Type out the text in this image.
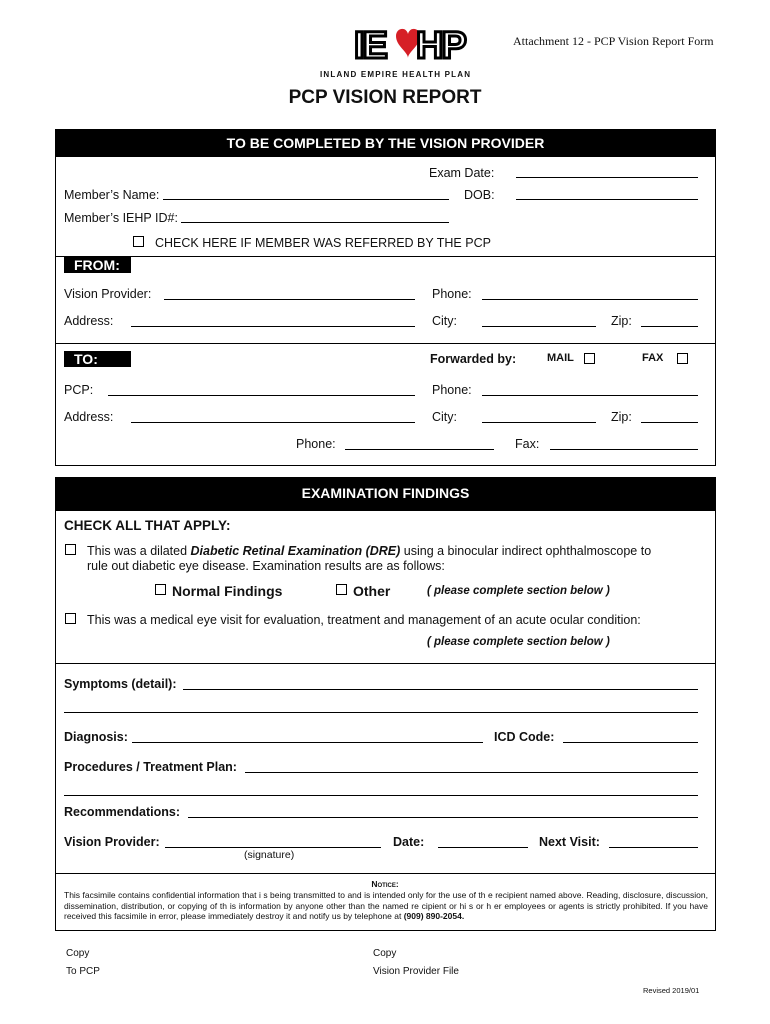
IE HP
INLAND EMPIRE HEALTH PLAN
Attachment 12 - PCP Vision Report Form
PCP VISION REPORT
TO BE COMPLETED BY THE VISION PROVIDER
Exam Date:
Member’s Name:	DOB:
Member’s IEHP ID#:
CHECK HERE IF MEMBER WAS REFERRED BY THE PCP
FROM:
Vision Provider:	Phone:
Address:	City:	Zip:
TO:	Forwarded by:	MAIL	FAX
PCP:	Phone:
Address:	City:	Zip:
Phone:	Fax:
EXAMINATION FINDINGS
CHECK ALL THAT APPLY:
This was a dilated Diabetic Retinal Examination (DRE) using a binocular indirect ophthalmoscope to
rule out diabetic eye disease. Examination results are as follows:
Normal Findings	Other	( please complete section below )
This was a medical eye visit for evaluation, treatment and management of an acute ocular condition:
( please complete section below )
Symptoms (detail):
Diagnosis:	ICD Code:
Procedures / Treatment Plan:
Recommendations:
Vision Provider:
(signature)
Date:	Next Visit:
Notice:
This facsimile contains confidential information that i s being transmitted to and is intended only for the use of th e recipient named above. Reading, disclosure, discussion, dissemination, distribution, or copying of th is information by anyone other than the named re cipient or hi s or h er employees or agents is strictly prohibited. If you have received this facsimile in error, please immediately destroy it and notify us by telephone at (909) 890-2054.
Copy
To PCP
Copy
Vision Provider File
Revised 2019/01
